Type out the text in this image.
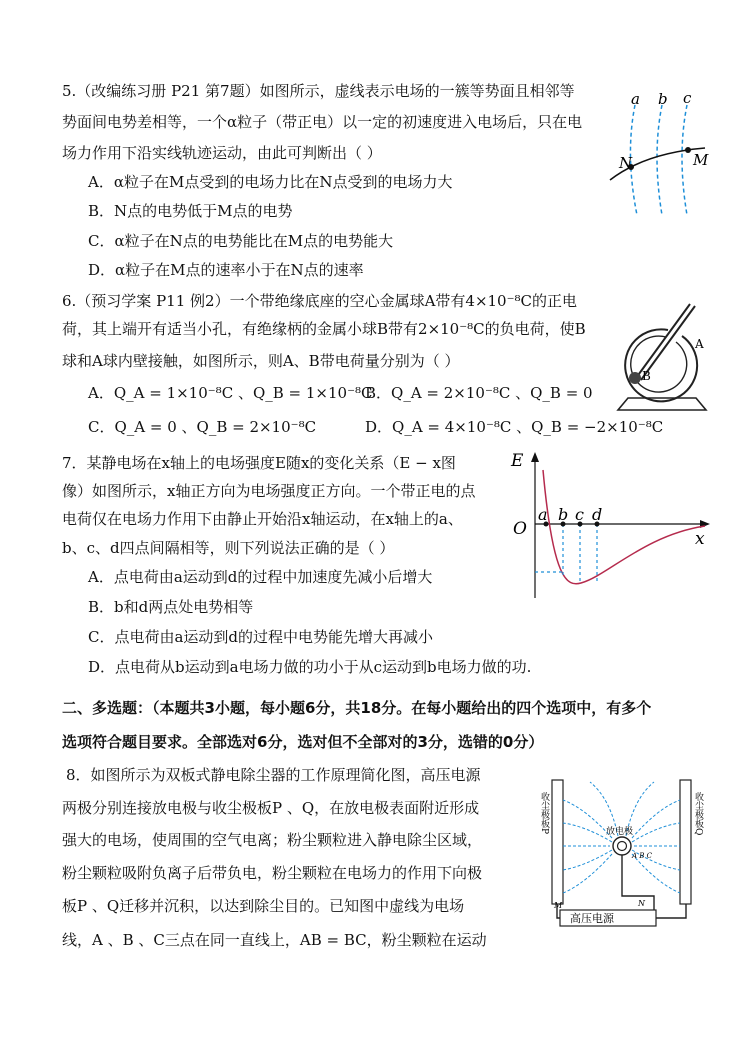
5.（改编练习册 P21 第7题）如图所示，虚线表示电场的一簇等势面且相邻等
势面间电势差相等，一个α粒子（带正电）以一定的初速度进入电场后，只在电
场力作用下沿实线轨迹运动，由此可判断出（ ）
A．α粒子在M点受到的电场力比在N点受到的电场力大
B．N点的电势低于M点的电势
C．α粒子在N点的电势能比在M点的电势能大
D．α粒子在M点的速率小于在N点的速率
a b c
N	M
6.（预习学案 P11 例2）一个带绝缘底座的空心金属球A带有4×10⁻⁸C的正电
荷，其上端开有适当小孔，有绝缘柄的金属小球B带有2×10⁻⁸C的负电荷，使B
球和A球内壁接触，如图所示，则A、B带电荷量分别为（ ）
A．Q_A = 1×10⁻⁸C 、Q_B = 1×10⁻⁸C
B．Q_A = 2×10⁻⁸C 、Q_B = 0
C．Q_A = 0 、Q_B = 2×10⁻⁸C	D．Q_A = 4×10⁻⁸C 、Q_B = −2×10⁻⁸C
A
B
7．某静电场在x轴上的电场强度E随x的变化关系（E − x图
像）如图所示，x轴正方向为电场强度正方向。一个带正电的点
电荷仅在电场力作用下由静止开始沿x轴运动，在x轴上的a、
b、c、d四点间隔相等，则下列说法正确的是（ ）
A．点电荷由a运动到d的过程中加速度先减小后增大
B．b和d两点处电势相等
C．点电荷由a运动到d的过程中电势能先增大再减小
D．点电荷从b运动到a电场力做的功小于从c运动到b电场力做的功.
E
O	x
a b c d
二、多选题：（本题共3小题，每小题6分，共18分。在每小题给出的四个选项中，有多个
选项符合题目要求。全部选对6分，选对但不全部对的3分，选错的0分）
8．如图所示为双板式静电除尘器的工作原理简化图，高压电源
两极分别连接放电极与收尘极板P 、Q，在放电极表面附近形成
强大的电场，使周围的空气电离；粉尘颗粒进入静电除尘区域，
粉尘颗粒吸附负离子后带负电，粉尘颗粒在电场力的作用下向极
板P 、Q迁移并沉积，以达到除尘目的。已知图中虚线为电场
线，A 、B 、C三点在同一直线上，AB = BC，粉尘颗粒在运动
收尘极板P	收尘极板Q
放电极
A B C
M	N
高压电源
